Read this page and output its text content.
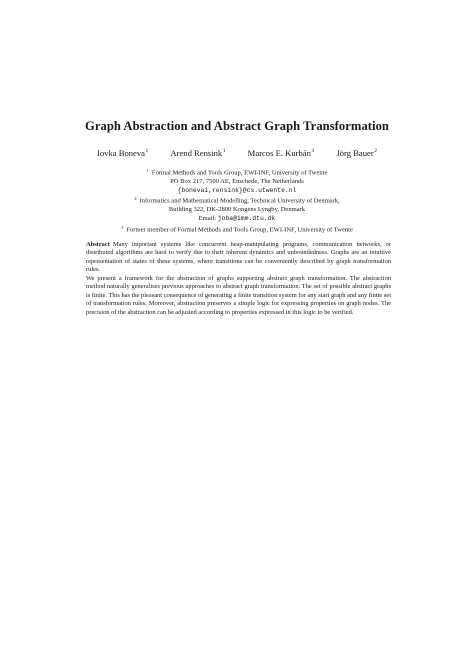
Graph Abstraction and Abstract Graph Transformation
Iovka Boneva$^1$	Arend Rensink$^1$	Marcos E. Kurbán$^3$	Jörg Bauer$^2$
$^1$ Formal Methods and Tools Group, EWI-INF, University of Twente
PO Box 217, 7500 AE, Enschede, The Netherlands
{bonevai,rensink}@cs.utwente.nl
$^2$ Informatics and Mathematical Modelling, Technical University of Denmark,
Building 322, DK-2800 Kongens Lyngby, Denmark
Email: joba@imm.dtu.dk
$^3$ Former member of Formal Methods and Tools Group, EWI-INF, University of Twente

Abstract Many important systems like concurrent heap-manipulating programs, communication networks, or distributed algorithms are hard to verify due to their inherent dynamics and unboundedness. Graphs are an intuitive representation of states of these systems, where transitions can be conveniently described by graph transformation rules.

We present a framework for the abstraction of graphs supporting abstract graph transformation. The abstraction method naturally generalises previous approaches to abstract graph transformation. The set of possible abstract graphs is finite. This has the pleasant consequence of generating a finite transition system for any start graph and any finite set of transformation rules. Moreover, abstraction preserves a simple logic for expressing properties on graph nodes. The precision of the abstraction can be adjusted according to properties expressed in this logic to be verified.
